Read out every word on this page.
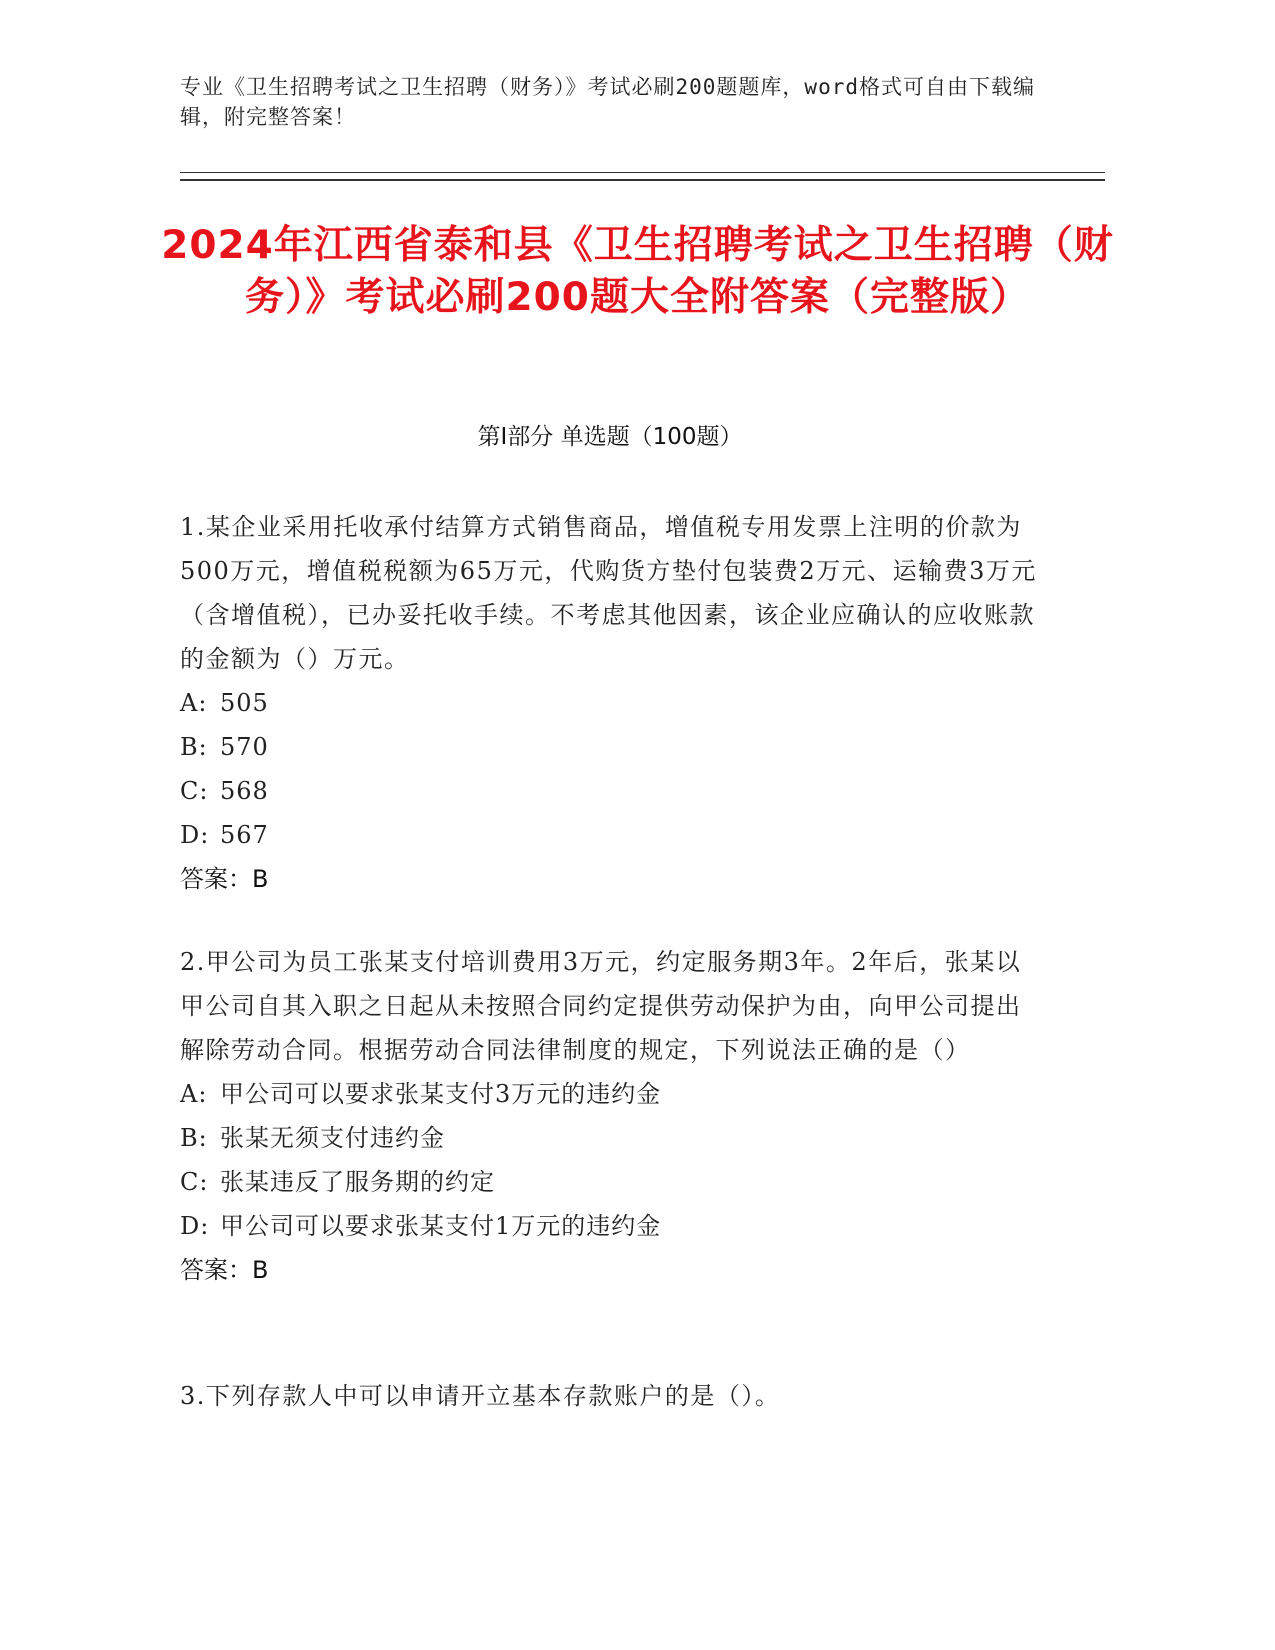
专业《卫生招聘考试之卫生招聘（财务）》考试必刷200题题库，word格式可自由下载编辑，附完整答案！
2024年江西省泰和县《卫生招聘考试之卫生招聘（财务）》考试必刷200题大全附答案（完整版）
第Ⅰ部分 单选题（100题）

1.某企业采用托收承付结算方式销售商品，增值税专用发票上注明的价款为500万元，增值税税额为65万元，代购货方垫付包装费2万元、运输费3万元（含增值税），已办妥托收手续。不考虑其他因素，该企业应确认的应收账款的金额为（）万元。

A: 505

B: 570

C: 568

D: 567

答案：B

2.甲公司为员工张某支付培训费用3万元，约定服务期3年。2年后，张某以甲公司自其入职之日起从未按照合同约定提供劳动保护为由，向甲公司提出解除劳动合同。根据劳动合同法律制度的规定，下列说法正确的是（）

A: 甲公司可以要求张某支付3万元的违约金

B: 张某无须支付违约金

C: 张某违反了服务期的约定

D: 甲公司可以要求张某支付1万元的违约金

答案：B

3.下列存款人中可以申请开立基本存款账户的是（）。
